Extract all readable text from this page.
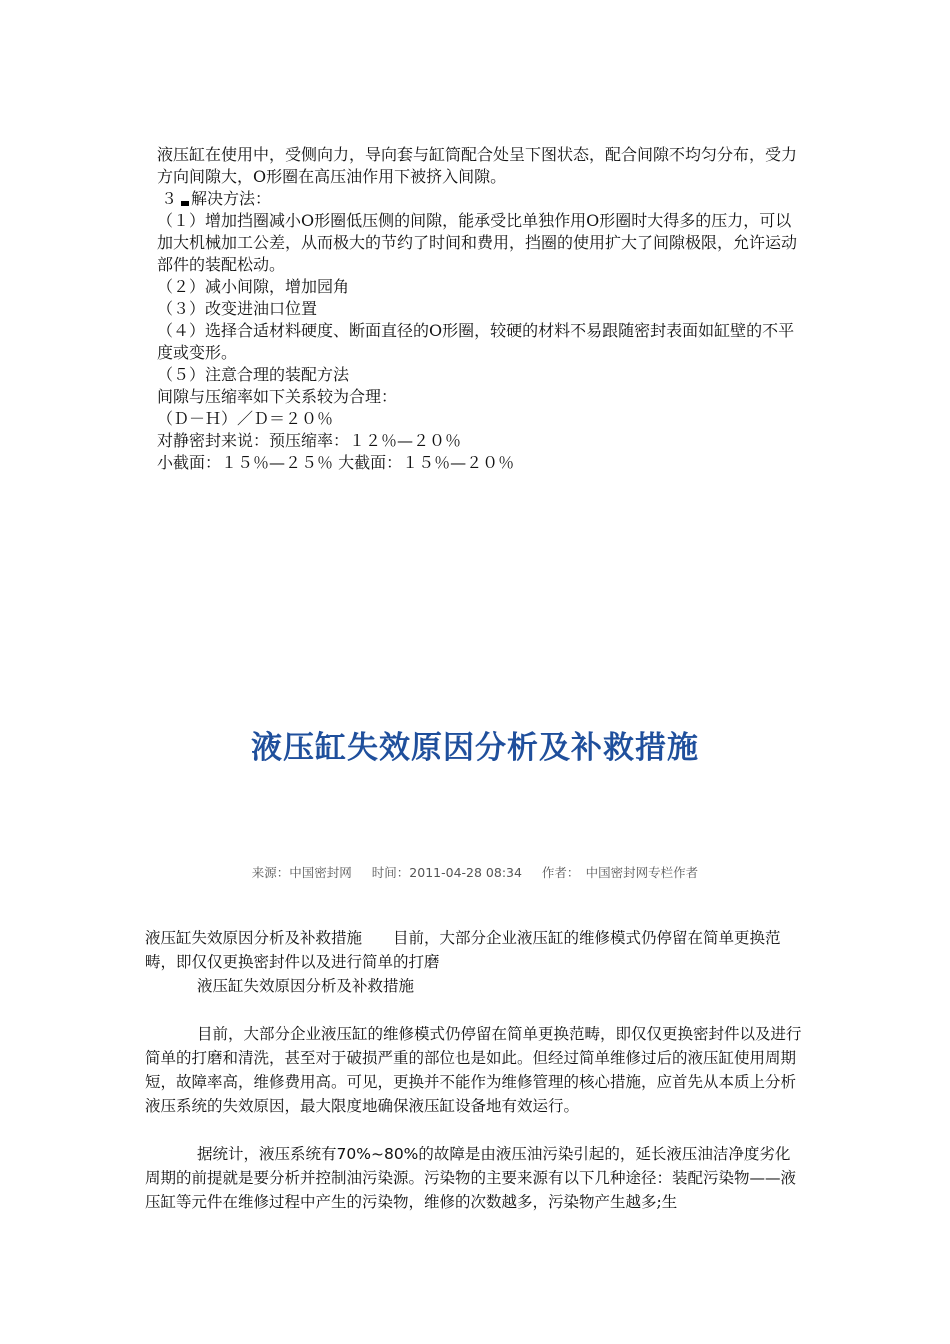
液压缸在使用中，受侧向力，导向套与缸筒配合处呈下图状态，配合间隙不均匀分布，受力方向间隙大，O形圈在高压油作用下被挤入间隙。

３ 解决方法：

（１）增加挡圈减小O形圈低压侧的间隙，能承受比单独作用O形圈时大得多的压力，可以加大机械加工公差，从而极大的节约了时间和费用，挡圈的使用扩大了间隙极限，允许运动部件的装配松动。

（２）减小间隙，增加园角

（３）改变进油口位置

（４）选择合适材料硬度、断面直径的O形圈，较硬的材料不易跟随密封表面如缸壁的不平度或变形。

（５）注意合理的装配方法

间隙与压缩率如下关系较为合理：

（Ｄ－Ｈ）／Ｄ＝２０％

对静密封来说：预压缩率：１２％—２０％

小截面：１５％—２５％ 大截面：１５％—２０％

液压缸失效原因分析及补救措施
来源：中国密封网 时间：2011-04-28 08:34 作者：　中国密封网专栏作者

液压缸失效原因分析及补救措施　　目前，大部分企业液压缸的维修模式仍停留在简单更换范畴，即仅仅更换密封件以及进行简单的打磨

液压缸失效原因分析及补救措施

目前，大部分企业液压缸的维修模式仍停留在简单更换范畴，即仅仅更换密封件以及进行简单的打磨和清洗，甚至对于破损严重的部位也是如此。但经过简单维修过后的液压缸使用周期短，故障率高，维修费用高。可见，更换并不能作为维修管理的核心措施，应首先从本质上分析液压系统的失效原因，最大限度地确保液压缸设备地有效运行。

据统计，液压系统有70%~80%的故障是由液压油污染引起的，延长液压油洁净度劣化周期的前提就是要分析并控制油污染源。污染物的主要来源有以下几种途径：装配污染物——液压缸等元件在维修过程中产生的污染物，维修的次数越多，污染物产生越多;生
